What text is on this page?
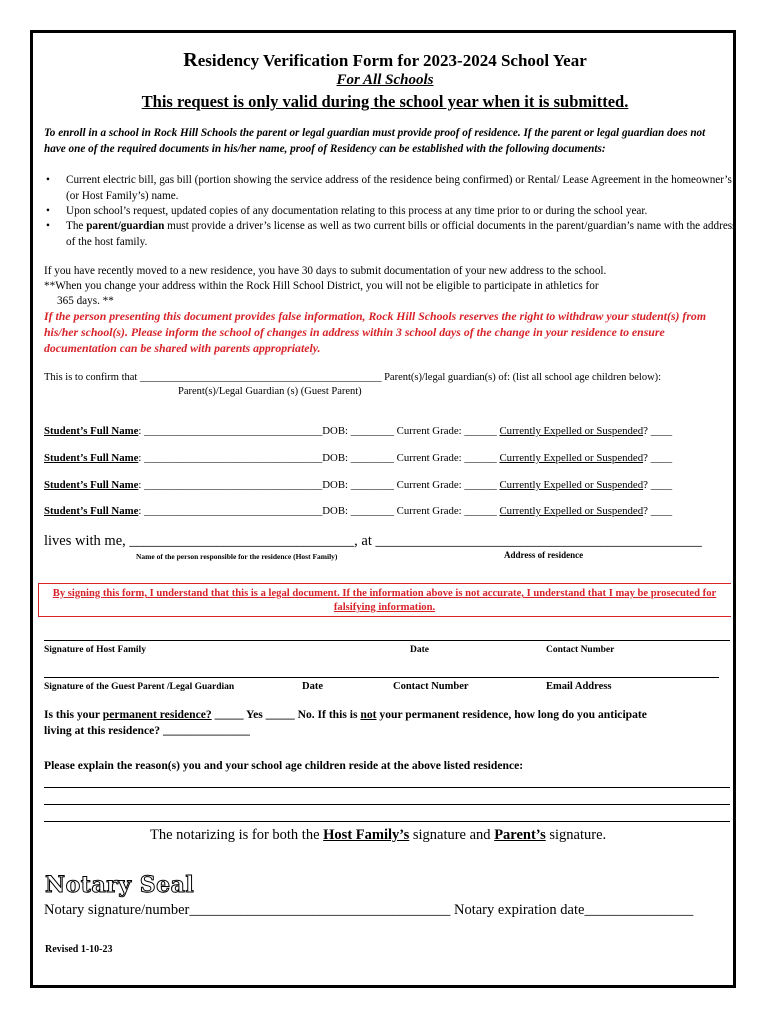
Residency Verification Form for 2023-2024 School Year
For All Schools
This request is only valid during the school year when it is submitted.
To enroll in a school in Rock Hill Schools the parent or legal guardian must provide proof of residence. If the parent or legal guardian does not have one of the required documents in his/her name, proof of Residency can be established with the following documents:
• Current electric bill, gas bill (portion showing the service address of the residence being confirmed) or Rental/ Lease Agreement in the homeowner’s (or Host Family’s) name.
• Upon school’s request, updated copies of any documentation relating to this process at any time prior to or during the school year.
• The parent/guardian must provide a driver’s license as well as two current bills or official documents in the parent/guardian’s name with the address of the host family.
If you have recently moved to a new residence, you have 30 days to submit documentation of your new address to the school.
**When you change your address within the Rock Hill School District, you will not be eligible to participate in athletics for
365 days. **
If the person presenting this document provides false information, Rock Hill Schools reserves the right to withdraw your student(s) from his/her school(s). Please inform the school of changes in address within 3 school days of the change in your residence to ensure documentation can be shared with parents appropriately.
This is to confirm that ______________________________________________ Parent(s)/legal guardian(s) of: (list all school age children below):
Parent(s)/Legal Guardian (s) (Guest Parent)
Student’s Full Name: _________________________________DOB: ________ Current Grade: ______ Currently Expelled or Suspended? ____
Student’s Full Name: _________________________________DOB: ________ Current Grade: ______ Currently Expelled or Suspended? ____
Student’s Full Name: _________________________________DOB: ________ Current Grade: ______ Currently Expelled or Suspended? ____
Student’s Full Name: _________________________________DOB: ________ Current Grade: ______ Currently Expelled or Suspended? ____
lives with me, _______________________________, at _____________________________________________
Name of the person responsible for the residence (Host Family)	Address of residence
By signing this form, I understand that this is a legal document. If the information above is not accurate, I understand that I may be prosecuted for falsifying information.
Signature of Host Family	Date	Contact Number
Signature of the Guest Parent /Legal Guardian	Date	Contact Number	Email Address
Is this your permanent residence? _____ Yes _____ No. If this is not your permanent residence, how long do you anticipate
living at this residence? _______________
Please explain the reason(s) you and your school age children reside at the above listed residence:
The notarizing is for both the Host Family’s signature and Parent’s signature.
Notary Seal
Notary signature/number____________________________________ Notary expiration date_______________
Revised 1-10-23
